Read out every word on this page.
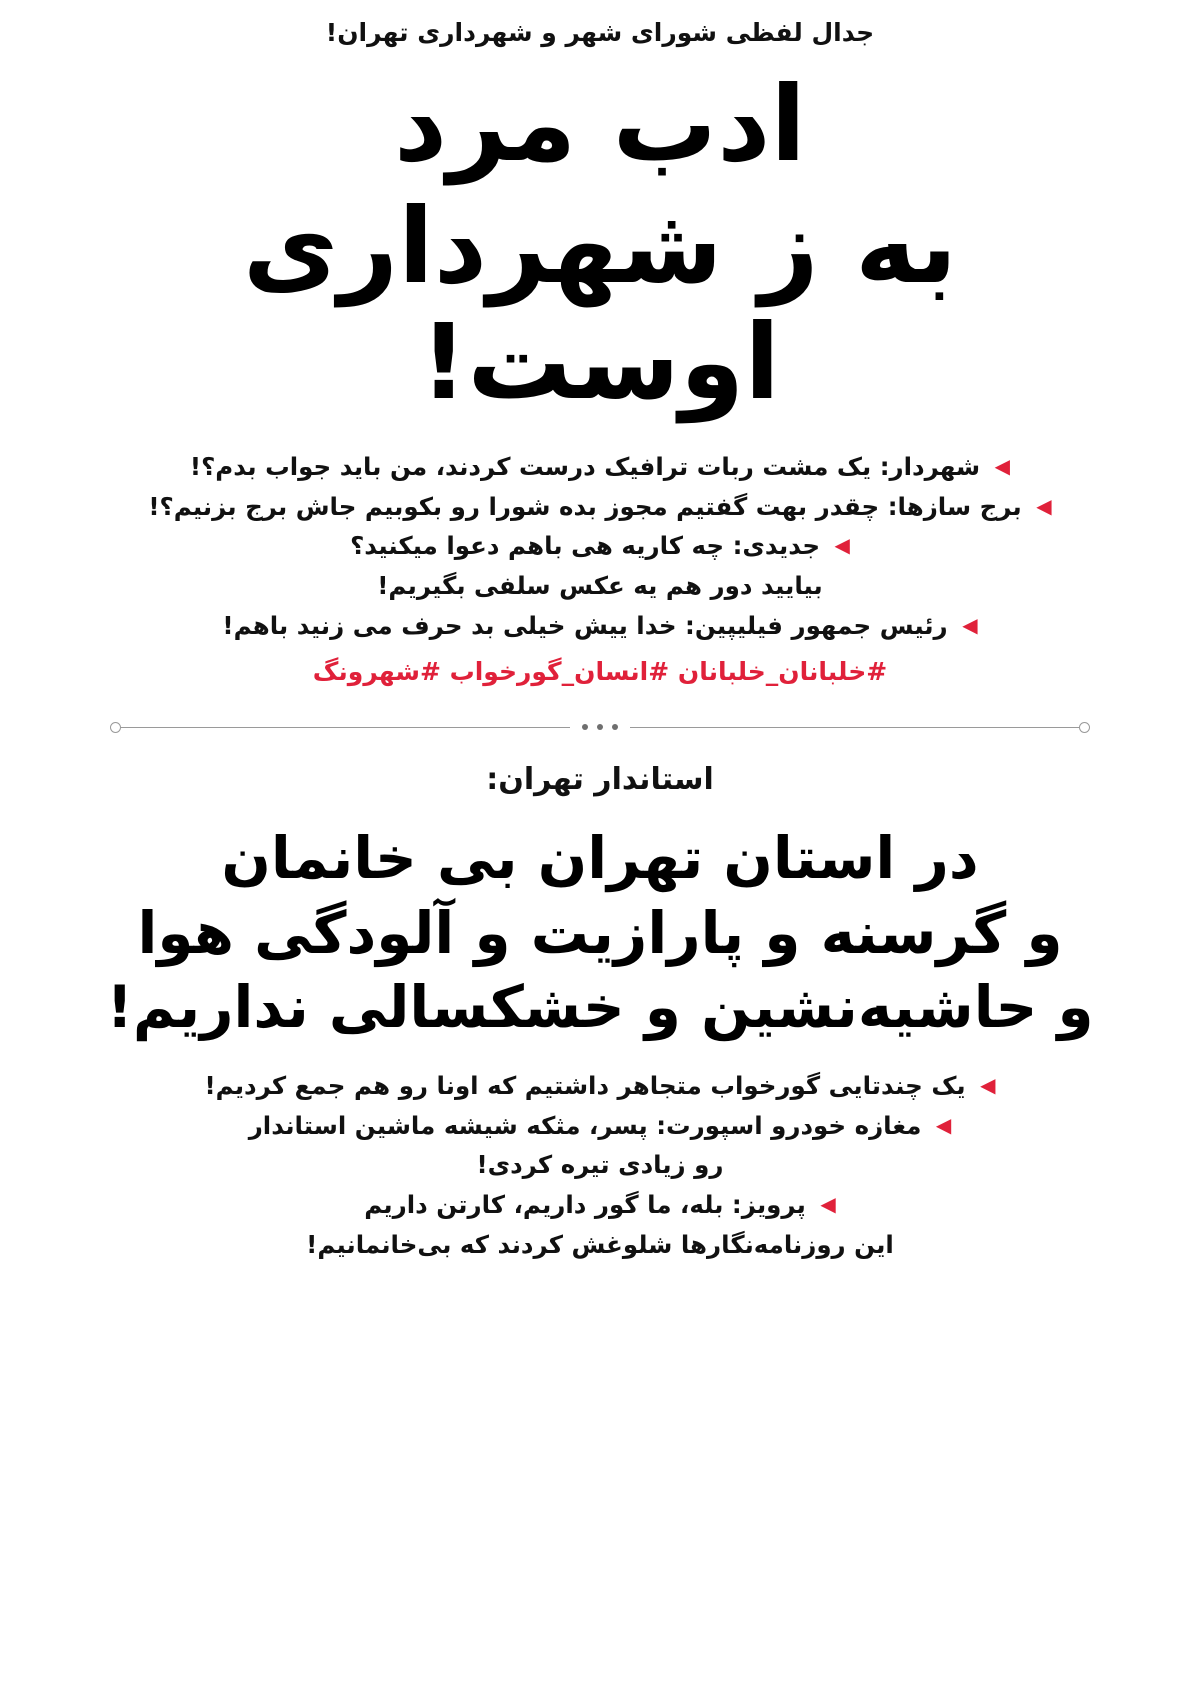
جدال لفظی شورای شهر و شهرداری تهران!
ادب مرد
به ز شهرداری اوست!
◀ شهردار: یک مشت ربات ترافیک درست کردند، من باید جواب بدم؟!
◀ برج سازها: چقدر بهت گفتیم مجوز بده شورا رو بکوبیم جاش برج بزنیم؟!
◀ جدیدی: چه کاریه هی باهم دعوا میکنید؟
بیایید دور هم یه عکس سلفی بگیریم!
◀ رئیس جمهور فیلیپین: خدا ییش خیلی بد حرف می زنید باهم!
#خلبانان_خلبانان #انسان_گورخواب #شهرونگ
استاندار تهران:
در استان تهران بی خانمان
و گرسنه و پارازیت و آلودگی هوا
و حاشیه‌نشین و خشکسالی نداریم!
◀ یک چندتایی گورخواب متجاهر داشتیم که اونا رو هم جمع کردیم!
◀ مغازه خودرو اسپورت: پسر، مثکه شیشه ماشین استاندار
رو زیادی تیره کردی!
◀ پرویز: بله، ما گور داریم، کارتن داریم
این روزنامه‌نگارها شلوغش کردند که بی‌خانمانیم!
